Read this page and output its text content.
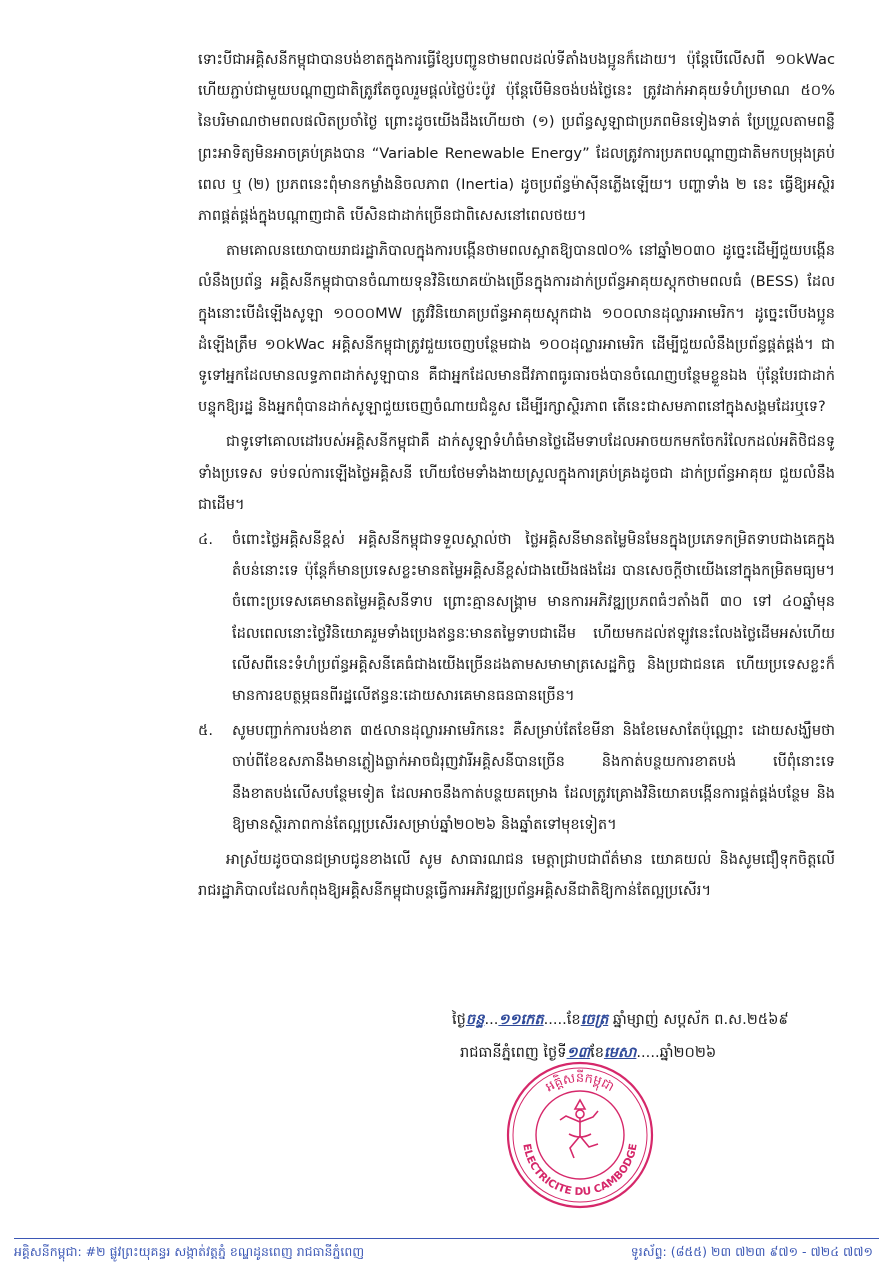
ទោះបីជាអគ្គិសនីកម្ពុជាបានបង់ខាតក្នុងការធ្វើខ្សែបញ្ជូនថាមពលដល់ទីតាំងបងប្អូនក៏ដោយ។ ប៉ុន្តែបើលើសពី ១០kWac ហើយភ្ជាប់ជាមួយបណ្ដាញជាតិត្រូវតែចូលរួមផ្ដល់ថ្លៃប៉ះប៉ូវ ប៉ុន្តែបើមិនចង់បង់ថ្លៃនេះ ត្រូវដាក់អាគុយទំហំប្រមាណ ៥០% នៃបរិមាណថាមពលផលិតប្រចាំថ្ងៃ ព្រោះដូចយើងដឹងហើយថា (១) ប្រព័ន្ធសូឡាជាប្រភពមិនទៀងទាត់ ប្រែប្រួលតាមពន្លឺព្រះអាទិត្យមិនអាចគ្រប់គ្រងបាន “Variable Renewable Energy” ដែលត្រូវការប្រភពបណ្ដាញជាតិមកបម្រុងគ្រប់ពេល ឬ (២) ប្រភពនេះពុំមានកម្លាំងនិចលភាព (Inertia) ដូចប្រព័ន្ធម៉ាស៊ីនភ្លើងឡើយ។ បញ្ហាទាំង ២ នេះ ធ្វើឱ្យអស្ថិរភាពផ្គត់ផ្គង់ក្នុងបណ្ដាញជាតិ បើសិនជាដាក់ច្រើនជាពិសេសនៅពេលថយ។

តាមគោលនយោបាយរាជរដ្ឋាភិបាលក្នុងការបង្កើនថាមពលស្អាតឱ្យបាន៧០% នៅឆ្នាំ២០៣០ ដូច្នេះដើម្បីជួយបង្កើនលំនឹងប្រព័ន្ធ អគ្គិសនីកម្ពុជាបានចំណាយទុនវិនិយោគយ៉ាងច្រើនក្នុងការដាក់ប្រព័ន្ធអាគុយស្ដុកថាមពលធំ (BESS) ដែលក្នុងនោះបើដំឡើងសូឡា ១០០០MW ត្រូវវិនិយោគប្រព័ន្ធអាគុយស្ដុកជាង ១០០លានដុល្លារអាមេរិក។ ដូច្នេះបើបងប្អូនដំឡើងត្រឹម ១០kWac អគ្គិសនីកម្ពុជាត្រូវជួយចេញបន្ថែមជាង ១០០ដុល្លារអាមេរិក ដើម្បីជួយលំនឹងប្រព័ន្ធផ្គត់ផ្គង់។ ជាទូទៅអ្នកដែលមានលទ្ធភាពដាក់សូឡាបាន គឺជាអ្នកដែលមានជីវភាពធូរធារចង់បានចំណេញបន្ថែមខ្លួនឯង ប៉ុន្តែបែរជាដាក់បន្ទុកឱ្យរដ្ឋ និងអ្នកពុំបានដាក់សូឡាជួយចេញចំណាយជំនួស ដើម្បីរក្សាស្ថិរភាព តើនេះជាសមភាពនៅក្នុងសង្គមដែរឬទេ?

ជាទូទៅគោលដៅរបស់អគ្គិសនីកម្ពុជាគឺ ដាក់សូឡាទំហំធំមានថ្លៃដើមទាបដែលអាចយកមកចែករំលែកដល់អតិថិជនទូទាំងប្រទេស ទប់ទល់ការឡើងថ្លៃអគ្គិសនី ហើយថែមទាំងងាយស្រួលក្នុងការគ្រប់គ្រងដូចជា ដាក់ប្រព័ន្ធអាគុយ ជួយលំនឹងជាដើម។

៤. ចំពោះថ្លៃអគ្គិសនីខ្ពស់ អគ្គិសនីកម្ពុជាទទួលស្គាល់ថា ថ្លៃអគ្គិសនីមានតម្លៃមិនមែនក្នុងប្រភេទកម្រិតទាបជាងគេក្នុងតំបន់នោះទេ ប៉ុន្តែក៏មានប្រទេសខ្លះមានតម្លៃអគ្គិសនីខ្ពស់ជាងយើងផងដែរ បានសេចក្ដីថាយើងនៅក្នុងកម្រិតមធ្យម។ ចំពោះប្រទេសគេមានតម្លៃអគ្គិសនីទាប ព្រោះគ្មានសង្គ្រាម មានការអភិវឌ្ឍប្រភពធំៗតាំងពី ៣០ ទៅ ៤០ឆ្នាំមុន ដែលពេលនោះថ្លៃវិនិយោគរួមទាំងប្រេងឥន្ធនៈមានតម្លៃទាបជាដើម ហើយមកដល់ឥឡូវនេះលែងថ្លៃដើមអស់ហើយ លើសពីនេះទំហំប្រព័ន្ធអគ្គិសនីគេធំជាងយើងច្រើនដងតាមសមាមាត្រសេដ្ឋកិច្ច និងប្រជាជនគេ ហើយប្រទេសខ្លះក៏មានការឧបត្ថម្ភធនពីរដ្ឋលើឥន្ធនៈដោយសារគេមានធនធានច្រើន។
៥. សូមបញ្ជាក់ការបង់ខាត ៣៥លានដុល្លារអាមេរិកនេះ គឺសម្រាប់តែខែមីនា និងខែមេសាតែប៉ុណ្ណោះ ដោយសង្ឃឹមថា ចាប់ពីខែឧសភានឹងមានភ្លៀងធ្លាក់អាចជំរុញវារីអគ្គិសនីបានច្រើន និងកាត់បន្ថយការខាតបង់ បើពុំនោះទេនឹងខាតបង់លើសបន្ថែមទៀត ដែលអាចនឹងកាត់បន្ថយគម្រោង ដែលត្រូវគ្រោងវិនិយោគបង្កើនការផ្គត់ផ្គង់បន្ថែម និងឱ្យមានស្ថិរភាពកាន់តែល្អប្រសើរសម្រាប់ឆ្នាំ២០២៦ និងឆ្នាំតទៅមុខទៀត។

អាស្រ័យដូចបានជម្រាបជូនខាងលើ សូម សាធារណជន មេត្តាជ្រាបជាព័ត៌មាន យោគយល់ និងសូមជឿទុកចិត្តលើរាជរដ្ឋាភិបាលដែលកំពុងឱ្យអគ្គិសនីកម្ពុជាបន្តធ្វើការអភិវឌ្ឍប្រព័ន្ធអគ្គិសនីជាតិឱ្យកាន់តែល្អប្រសើរ។

ថ្ងៃចន្ទ...១១កេត.....ខែចេត្រ ឆ្នាំម្សាញ់ សប្ដស័ក ព.ស.២៥៦៩
រាជធានីភ្នំពេញ ថ្ងៃទី១៣ខែមេសា.....ឆ្នាំ២០២៦
អគ្គិសនីកម្ពុជា
ELECTRICITE DU CAMBODGE
អគ្គិសនីកម្ពុជា: #២ ផ្លូវព្រះយុគន្ធរ សង្កាត់វត្តភ្នំ ខណ្ឌដូនពេញ រាជធានីភ្នំពេញ	ទូរស័ព្ទ: (៨៥៥) ២៣ ៧២៣ ៩៧១ - ៧២៤ ៧៧១
